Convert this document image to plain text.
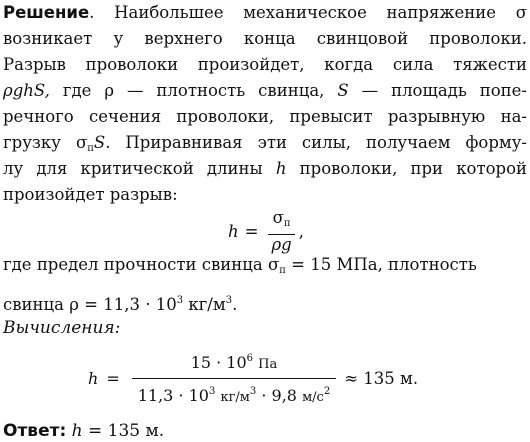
Решение. Наибольшее механическое напряжение σ
возникает у верхнего конца свинцовой проволоки.
Разрыв проволоки произойдет, когда сила тяжести
ρghS, где ρ — плотность свинца, S — площадь попе-
речного сечения проволоки, превысит разрывную на-
грузку $\sigma_пS$. Приравнивая эти силы, получаем форму-
лу для критической длины h проволоки, при которой
произойдет разрыв:
$h = \frac{\sigma_п}{\rho g}$ ,
где предел прочности свинца $\sigma_п = 15$ МПа, плотность
свинца $\rho = 11,3 \cdot 10^3$ $кг/м^3$.
Вычисления:
$h = \frac{15 \cdot 10^6 Па}{11,3 \cdot 10^3 кг/м^3 \cdot 9,8 м/с^2} \approx 135$ м.
Ответ: h = 135 м.
